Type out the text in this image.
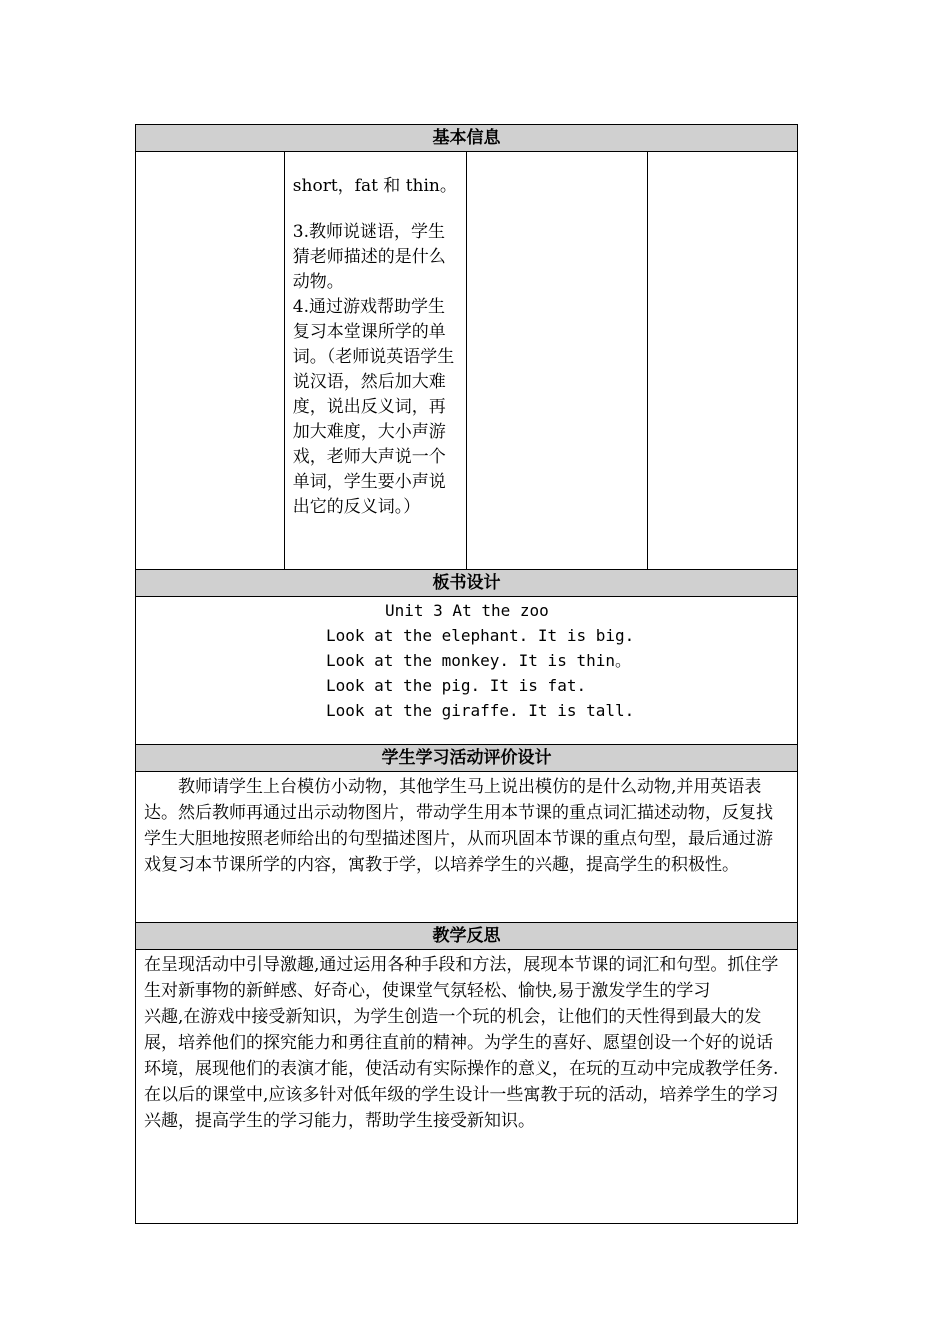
基本信息

short，fat 和 thin。

3.教师说谜语，学生猜老师描述的是什么动物。

4.通过游戏帮助学生复习本堂课所学的单词。（老师说英语学生说汉语，然后加大难度，说出反义词，再加大难度，大小声游戏，老师大声说一个单词，学生要小声说出它的反义词。）

板书设计
Unit 3 At the zoo
Look at the elephant. It is big.
Look at the monkey. It is thin。
Look at the pig. It is fat.
Look at the giraffe. It is tall.
学生学习活动评价设计
教师请学生上台模仿小动物，其他学生马上说出模仿的是什么动物,并用英语表达。然后教师再通过出示动物图片，带动学生用本节课的重点词汇描述动物，反复找学生大胆地按照老师给出的句型描述图片，从而巩固本节课的重点句型，最后通过游戏复习本节课所学的内容，寓教于学，以培养学生的兴趣，提高学生的积极性。
教学反思

在呈现活动中引导激趣,通过运用各种手段和方法，展现本节课的词汇和句型。抓住学生对新事物的新鲜感、好奇心，使课堂气氛轻松、愉快,易于激发学生的学习

兴趣,在游戏中接受新知识，为学生创造一个玩的机会，让他们的天性得到最大的发展，培养他们的探究能力和勇往直前的精神。为学生的喜好、愿望创设一个好的说话环境，展现他们的表演才能，使活动有实际操作的意义，在玩的互动中完成教学任务.在以后的课堂中,应该多针对低年级的学生设计一些寓教于玩的活动，培养学生的学习兴趣，提高学生的学习能力，帮助学生接受新知识。
